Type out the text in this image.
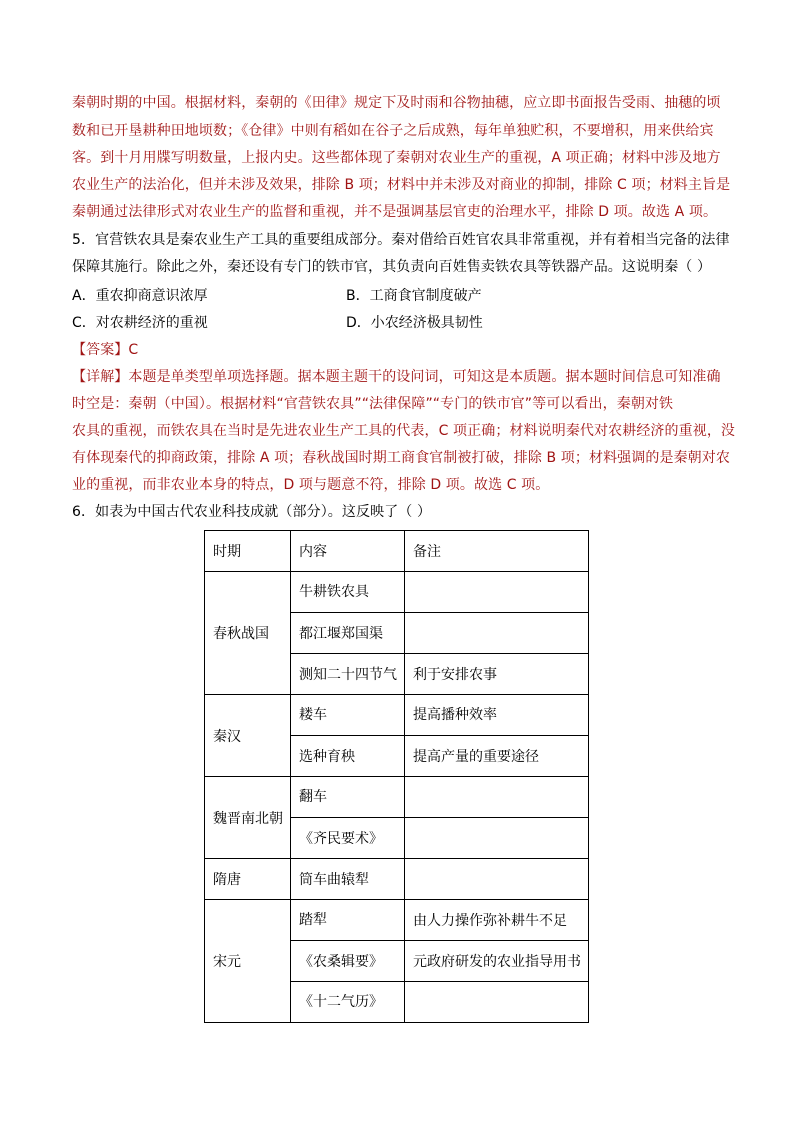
秦朝时期的中国。根据材料，秦朝的《田律》规定下及时雨和谷物抽穗，应立即书面报告受雨、抽穗的顷
数和已开垦耕种田地顷数；《仓律》中则有稻如在谷子之后成熟，每年单独贮积，不要增积，用来供给宾
客。到十月用牒写明数量，上报内史。这些都体现了秦朝对农业生产的重视，A 项正确；材料中涉及地方
农业生产的法治化，但并未涉及效果，排除 B 项；材料中并未涉及对商业的抑制，排除 C 项；材料主旨是
秦朝通过法律形式对农业生产的监督和重视，并不是强调基层官吏的治理水平，排除 D 项。故选 A 项。
5．官营铁农具是秦农业生产工具的重要组成部分。秦对借给百姓官农具非常重视，并有着相当完备的法律
保障其施行。除此之外，秦还设有专门的铁市官，其负责向百姓售卖铁农具等铁器产品。这说明秦（ ）
A．重农抑商意识浓厚	B．工商食官制度破产
C．对农耕经济的重视	D．小农经济极具韧性
【答案】C
【详解】本题是单类型单项选择题。据本题主题干的设问词，可知这是本质题。据本题时间信息可知准确
时空是：秦朝（中国）。根据材料“官营铁农具”“法律保障”“专门的铁市官”等可以看出，秦朝对铁
农具的重视，而铁农具在当时是先进农业生产工具的代表，C 项正确；材料说明秦代对农耕经济的重视，没
有体现秦代的抑商政策，排除 A 项；春秋战国时期工商食官制被打破，排除 B 项；材料强调的是秦朝对农
业的重视，而非农业本身的特点，D 项与题意不符，排除 D 项。故选 C 项。
6．如表为中国古代农业科技成就（部分）。这反映了（ ）
时期	内容	备注
春秋战国	牛耕铁农具	
	都江堰郑国渠	
	测知二十四节气	利于安排农事
秦汉	耧车	提高播种效率
	选种育秧	提高产量的重要途径
魏晋南北朝	翻车	
	《齐民要术》	
隋唐	筒车曲辕犁	
宋元	踏犁	由人力操作弥补耕牛不足
	《农桑辑要》	元政府研发的农业指导用书
	《十二气历》	
